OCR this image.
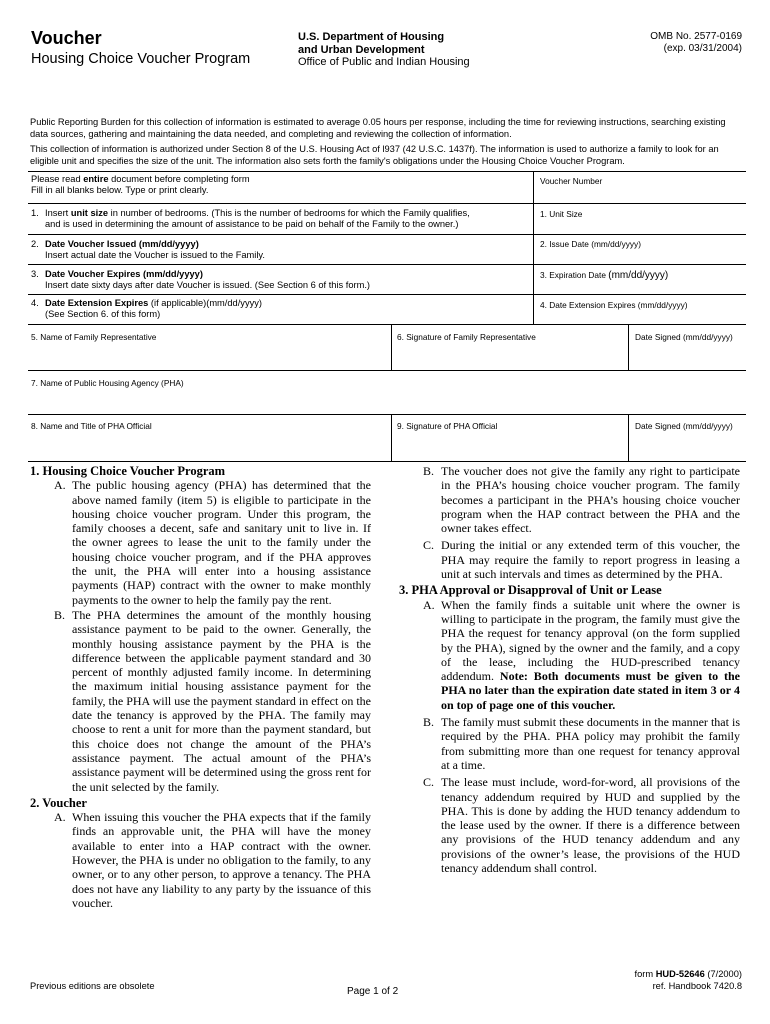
Voucher
Housing Choice Voucher Program
U.S. Department of Housing
and Urban Development
Office of Public and Indian Housing
OMB No. 2577-0169
(exp. 03/31/2004)
Public Reporting Burden for this collection of information is estimated to average 0.05 hours per response, including the time for reviewing instructions, searching existing data sources, gathering and maintaining the data needed, and completing and reviewing the collection of information.
This collection of information is authorized under Section 8 of the U.S. Housing Act of l937 (42 U.S.C. 1437f). The information is used to authorize a family to look for an eligible unit and specifies the size of the unit. The information also sets forth the family's obligations under the Housing Choice Voucher Program.
Please read entire document before completing form
Fill in all blanks below. Type or print clearly.
Voucher Number
1. Insert unit size in number of bedrooms. (This is the number of bedrooms for which the Family qualifies,
and is used in determining the amount of assistance to be paid on behalf of the Family to the owner.)
1. Unit Size
2. Date Voucher Issued (mm/dd/yyyy)
Insert actual date the Voucher is issued to the Family.
2. Issue Date (mm/dd/yyyy)
3. Date Voucher Expires (mm/dd/yyyy)
Insert date sixty days after date Voucher is issued. (See Section 6 of this form.)
3. Expiration Date (mm/dd/yyyy)
4. Date Extension Expires (if applicable)(mm/dd/yyyy)
(See Section 6. of this form)
4. Date Extension Expires (mm/dd/yyyy)
5. Name of Family Representative	6. Signature of Family Representative	Date Signed (mm/dd/yyyy)
7. Name of Public Housing Agency (PHA)
8. Name and Title of PHA Official	9. Signature of PHA Official	Date Signed (mm/dd/yyyy)

1. Housing Choice Voucher Program

A. The public housing agency (PHA) has determined that the above named family (item 5) is eligible to participate in the housing choice voucher program. Under this program, the family chooses a decent, safe and sanitary unit to live in. If the owner agrees to lease the unit to the family under the housing choice voucher program, and if the PHA approves the unit, the PHA will enter into a housing assistance payments (HAP) contract with the owner to make monthly payments to the owner to help the family pay the rent.

B. The PHA determines the amount of the monthly housing assistance payment to be paid to the owner. Generally, the monthly housing assistance payment by the PHA is the difference between the applicable payment standard and 30 percent of monthly adjusted family income. In determining the maximum initial housing assistance payment for the family, the PHA will use the payment standard in effect on the date the tenancy is approved by the PHA. The family may choose to rent a unit for more than the payment standard, but this choice does not change the amount of the PHA’s assistance payment. The actual amount of the PHA’s assistance payment will be determined using the gross rent for the unit selected by the family.

2. Voucher

A. When issuing this voucher the PHA expects that if the family finds an approvable unit, the PHA will have the money available to enter into a HAP contract with the owner. However, the PHA is under no obligation to the family, to any owner, or to any other person, to approve a tenancy. The PHA does not have any liability to any party by the issuance of this voucher.

B. The voucher does not give the family any right to participate in the PHA’s housing choice voucher program. The family becomes a participant in the PHA’s housing choice voucher program when the HAP contract between the PHA and the owner takes effect.

C. During the initial or any extended term of this voucher, the PHA may require the family to report progress in leasing a unit at such intervals and times as determined by the PHA.

3. PHA Approval or Disapproval of Unit or Lease

A. When the family finds a suitable unit where the owner is willing to participate in the program, the family must give the PHA the request for tenancy approval (on the form supplied by the PHA), signed by the owner and the family, and a copy of the lease, including the HUD-prescribed tenancy addendum. Note: Both documents must be given to the PHA no later than the expiration date stated in item 3 or 4 on top of page one of this voucher.

B. The family must submit these documents in the manner that is required by the PHA. PHA policy may prohibit the family from submitting more than one request for tenancy approval at a time.

C. The lease must include, word-for-word, all provisions of the tenancy addendum required by HUD and supplied by the PHA. This is done by adding the HUD tenancy addendum to the lease used by the owner. If there is a difference between any provisions of the HUD tenancy addendum and any provisions of the owner’s lease, the provisions of the HUD tenancy addendum shall control.

Previous editions are obsolete	Page 1 of 2
form HUD-52646 (7/2000)
ref. Handbook 7420.8
